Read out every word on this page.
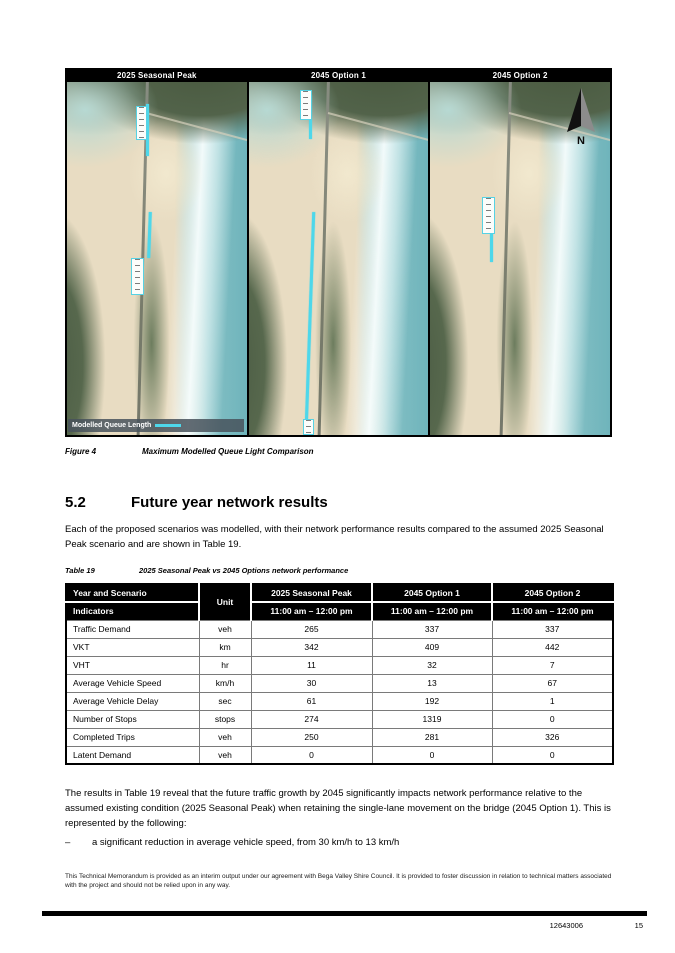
2025 Seasonal Peak
Modelled Queue Length
2045 Option 1	2045 Option 2
N
Figure 4	Maximum Modelled Queue Light Comparison
5.2	Future year network results
Each of the proposed scenarios was modelled, with their network performance results compared to the assumed 2025 Seasonal Peak scenario and are shown in Table 19.
Table 19	2025 Seasonal Peak vs 2045 Options network performance
Year and Scenario	Unit	2025 Seasonal Peak	2045 Option 1	2045 Option 2
Indicators		11:00 am – 12:00 pm	11:00 am – 12:00 pm	11:00 am – 12:00 pm
Traffic Demand	veh	265	337	337
VKT	km	342	409	442
VHT	hr	11	32	7
Average Vehicle Speed	km/h	30	13	67
Average Vehicle Delay	sec	61	192	1
Number of Stops	stops	274	1319	0
Completed Trips	veh	250	281	326
Latent Demand	veh	0	0	0
The results in Table 19 reveal that the future traffic growth by 2045 significantly impacts network performance relative to the assumed existing condition (2025 Seasonal Peak) when retaining the single-lane movement on the bridge (2045 Option 1). This is represented by the following:
– a significant reduction in average vehicle speed, from 30 km/h to 13 km/h
This Technical Memorandum is provided as an interim output under our agreement with Bega Valley Shire Council. It is provided to foster discussion in relation to technical matters associated with the project and should not be relied upon in any way.
12643006	15
